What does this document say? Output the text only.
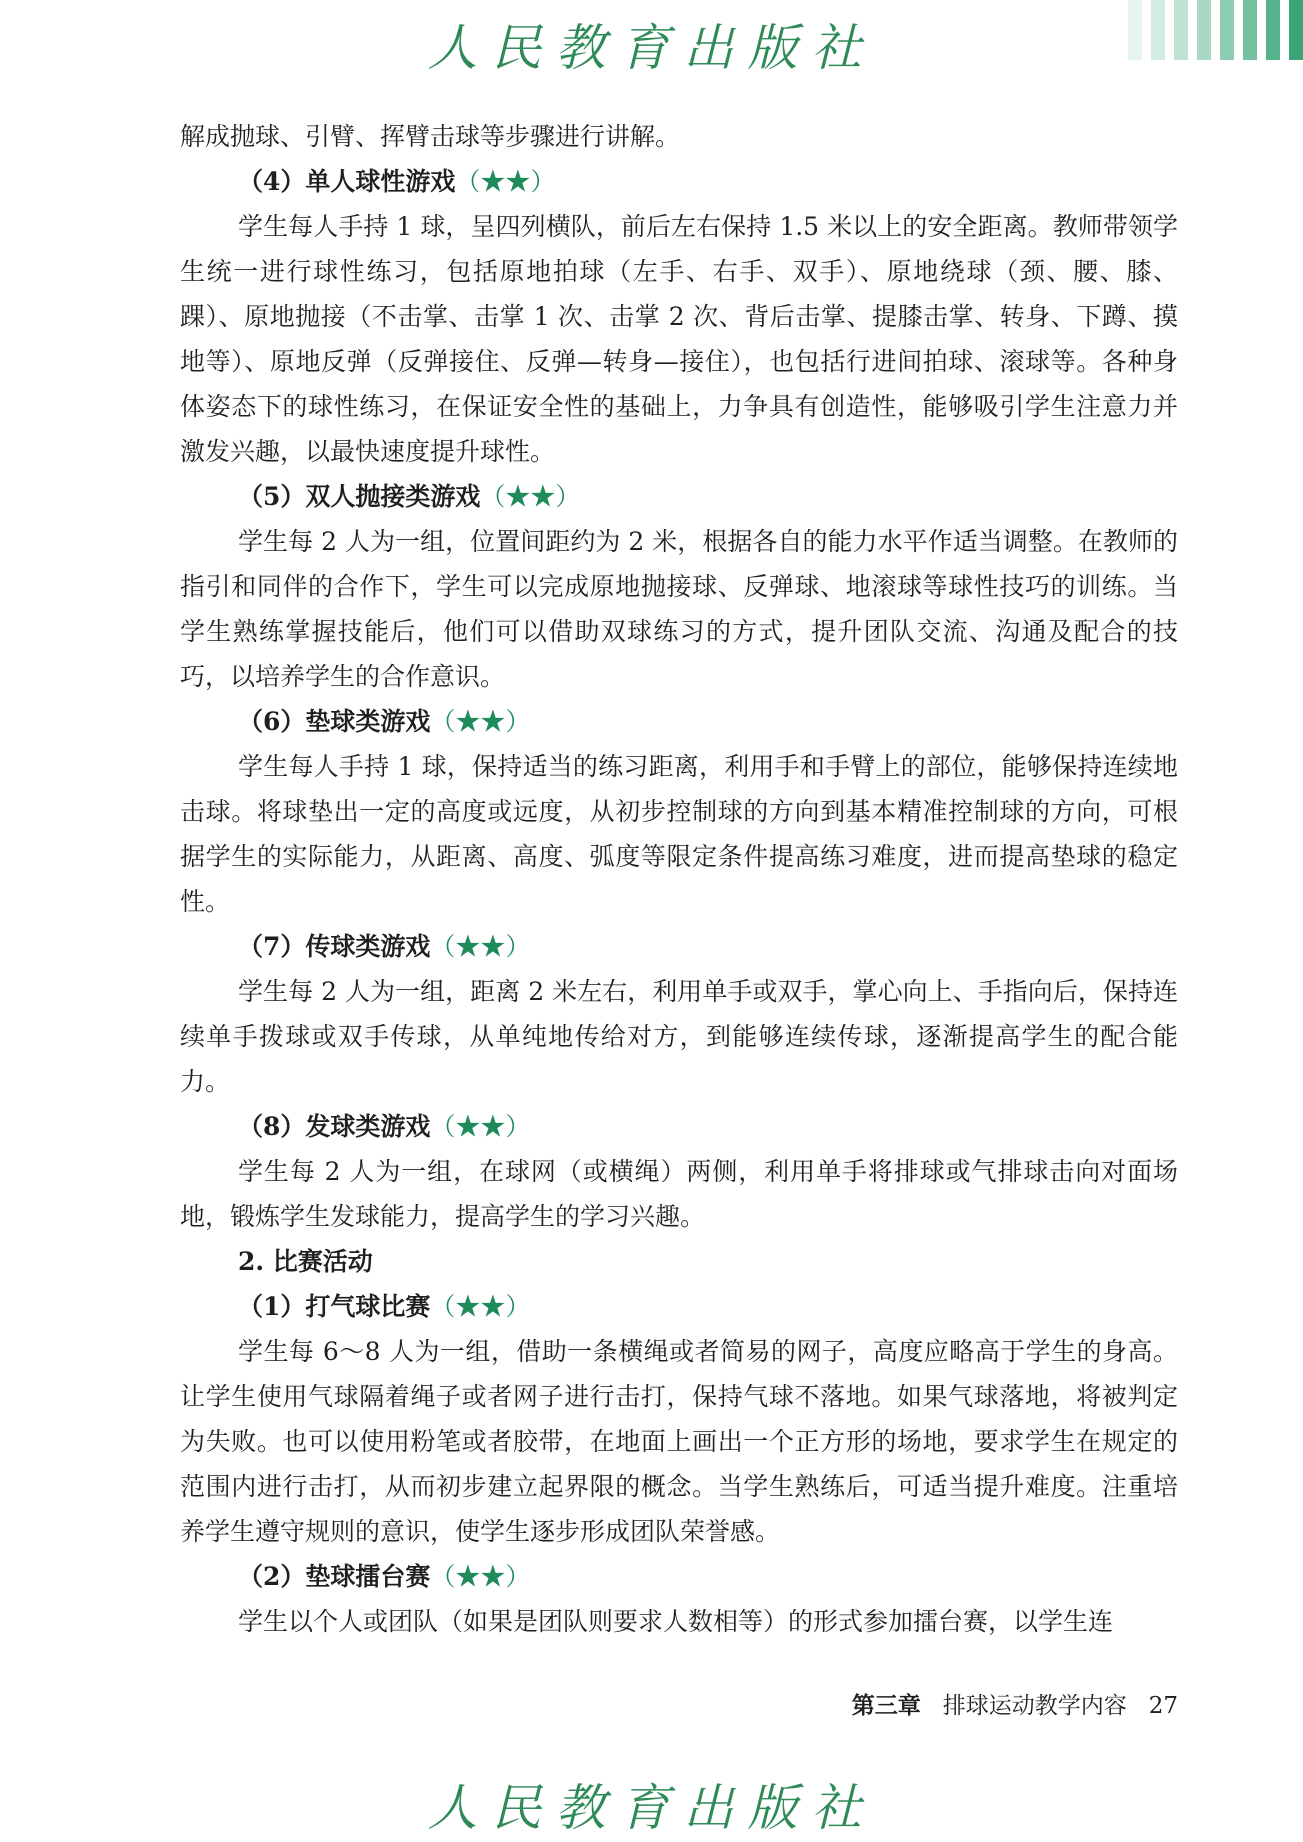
人民教育出版社

解成抛球、引臂、挥臂击球等步骤进行讲解。

（4）单人球性游戏（★★）

学生每人手持 1 球，呈四列横队，前后左右保持 1.5 米以上的安全距离。教师带领学生统一进行球性练习，包括原地拍球（左手、右手、双手）、原地绕球（颈、腰、膝、踝）、原地抛接（不击掌、击掌 1 次、击掌 2 次、背后击掌、提膝击掌、转身、下蹲、摸地等）、原地反弹（反弹接住、反弹—转身—接住），也包括行进间拍球、滚球等。各种身体姿态下的球性练习，在保证安全性的基础上，力争具有创造性，能够吸引学生注意力并激发兴趣，以最快速度提升球性。

（5）双人抛接类游戏（★★）

学生每 2 人为一组，位置间距约为 2 米，根据各自的能力水平作适当调整。在教师的指引和同伴的合作下，学生可以完成原地抛接球、反弹球、地滚球等球性技巧的训练。当学生熟练掌握技能后，他们可以借助双球练习的方式，提升团队交流、沟通及配合的技巧，以培养学生的合作意识。

（6）垫球类游戏（★★）

学生每人手持 1 球，保持适当的练习距离，利用手和手臂上的部位，能够保持连续地击球。将球垫出一定的高度或远度，从初步控制球的方向到基本精准控制球的方向，可根据学生的实际能力，从距离、高度、弧度等限定条件提高练习难度，进而提高垫球的稳定性。

（7）传球类游戏（★★）

学生每 2 人为一组，距离 2 米左右，利用单手或双手，掌心向上、手指向后，保持连续单手拨球或双手传球，从单纯地传给对方，到能够连续传球，逐渐提高学生的配合能力。

（8）发球类游戏（★★）

学生每 2 人为一组，在球网（或横绳）两侧，利用单手将排球或气排球击向对面场地，锻炼学生发球能力，提高学生的学习兴趣。

2. 比赛活动

（1）打气球比赛（★★）

学生每 6～8 人为一组，借助一条横绳或者简易的网子，高度应略高于学生的身高。让学生使用气球隔着绳子或者网子进行击打，保持气球不落地。如果气球落地，将被判定为失败。也可以使用粉笔或者胶带，在地面上画出一个正方形的场地，要求学生在规定的范围内进行击打，从而初步建立起界限的概念。当学生熟练后，可适当提升难度。注重培养学生遵守规则的意识，使学生逐步形成团队荣誉感。

（2）垫球擂台赛（★★）

学生以个人或团队（如果是团队则要求人数相等）的形式参加擂台赛，以学生连

第三章 排球运动教学内容 27
人民教育出版社
